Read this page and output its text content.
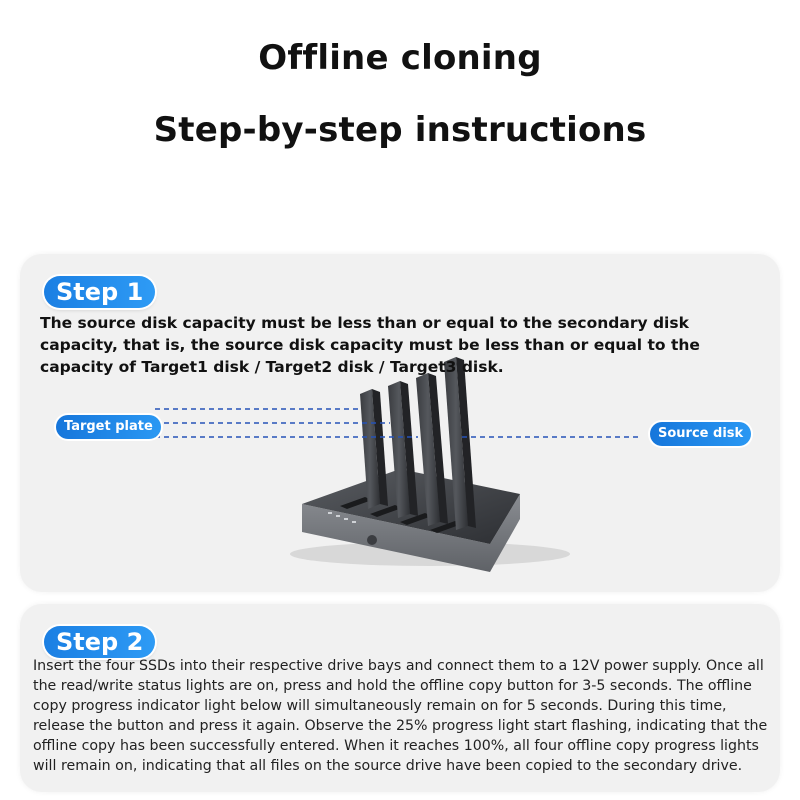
Offline cloning
Step-by-step instructions
Step 1
The source disk capacity must be less than or equal to the secondary disk capacity, that is, the source disk capacity must be less than or equal to the capacity of Target1 disk / Target2 disk / Target3 disk.
Target plate	Source disk
Step 2
Insert the four SSDs into their respective drive bays and connect them to a 12V power supply. Once all the read/write status lights are on, press and hold the offline copy button for 3-5 seconds. The offline copy progress indicator light below will simultaneously remain on for 5 seconds. During this time, release the button and press it again. Observe the 25% progress light start flashing, indicating that the offline copy has been successfully entered. When it reaches 100%, all four offline copy progress lights will remain on, indicating that all files on the source drive have been copied to the secondary drive.
